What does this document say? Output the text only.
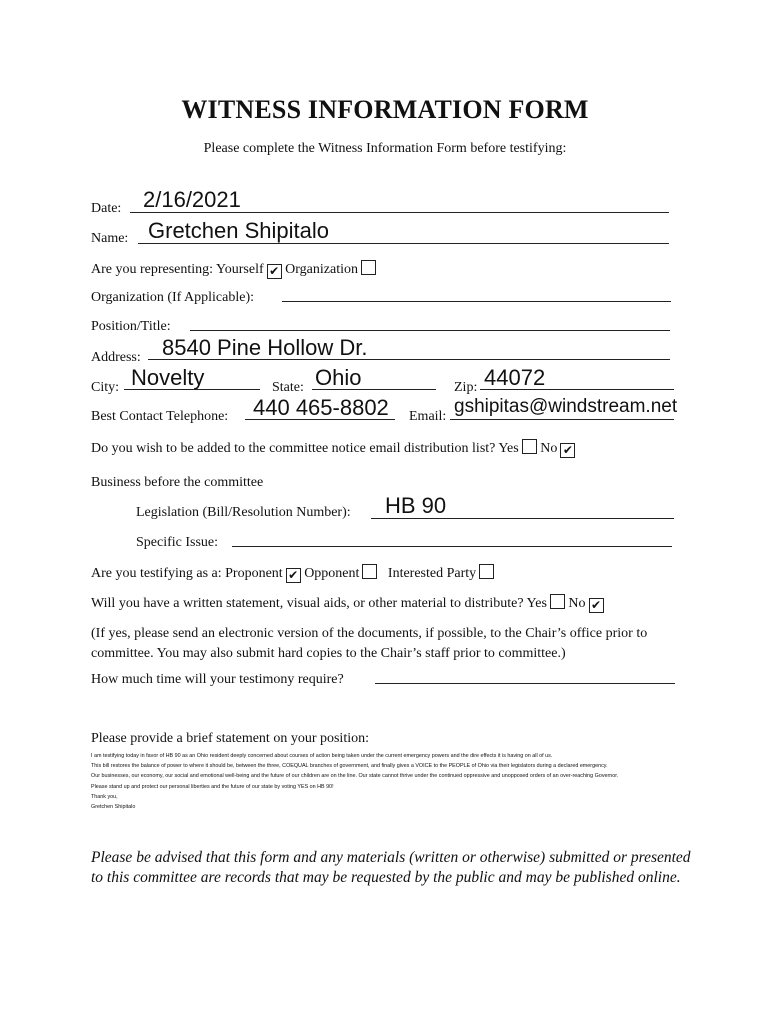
WITNESS INFORMATION FORM
Please complete the Witness Information Form before testifying:
Date: 2/16/2021
Name: Gretchen Shipitalo
Are you representing: Yourself ✔ Organization
Organization (If Applicable):
Position/Title:
Address: 8540 Pine Hollow Dr.
City: Novelty	State: Ohio	Zip: 44072
Best Contact Telephone: 440 465-8802 Email: gshipitas@windstream.net
Do you wish to be added to the committee notice email distribution list? Yes No ✔
Business before the committee
Legislation (Bill/Resolution Number): HB 90
Specific Issue:
Are you testifying as a: Proponent ✔ Opponent Interested Party
Will you have a written statement, visual aids, or other material to distribute? Yes No ✔
(If yes, please send an electronic version of the documents, if possible, to the Chair’s office prior to committee. You may also submit hard copies to the Chair’s staff prior to committee.)
How much time will your testimony require?
Please provide a brief statement on your position:

I am testifying today in favor of HB 90 as an Ohio resident deeply concerned about courses of action being taken under the current emergency powers and the dire effects it is having on all of us.

This bill restores the balance of power to where it should be, between the three, COEQUAL branches of government, and finally gives a VOICE to the PEOPLE of Ohio via their legislators during a declared emergency.

Our businesses, our economy, our social and emotional well-being and the future of our children are on the line. Our state cannot thrive under the continued oppressive and unopposed orders of an over-reaching Governor.

Please stand up and protect our personal liberties and the future of our state by voting YES on HB 90!

Thank you,

Gretchen Shipitalo

Please be advised that this form and any materials (written or otherwise) submitted or presented to this committee are records that may be requested by the public and may be published online.
